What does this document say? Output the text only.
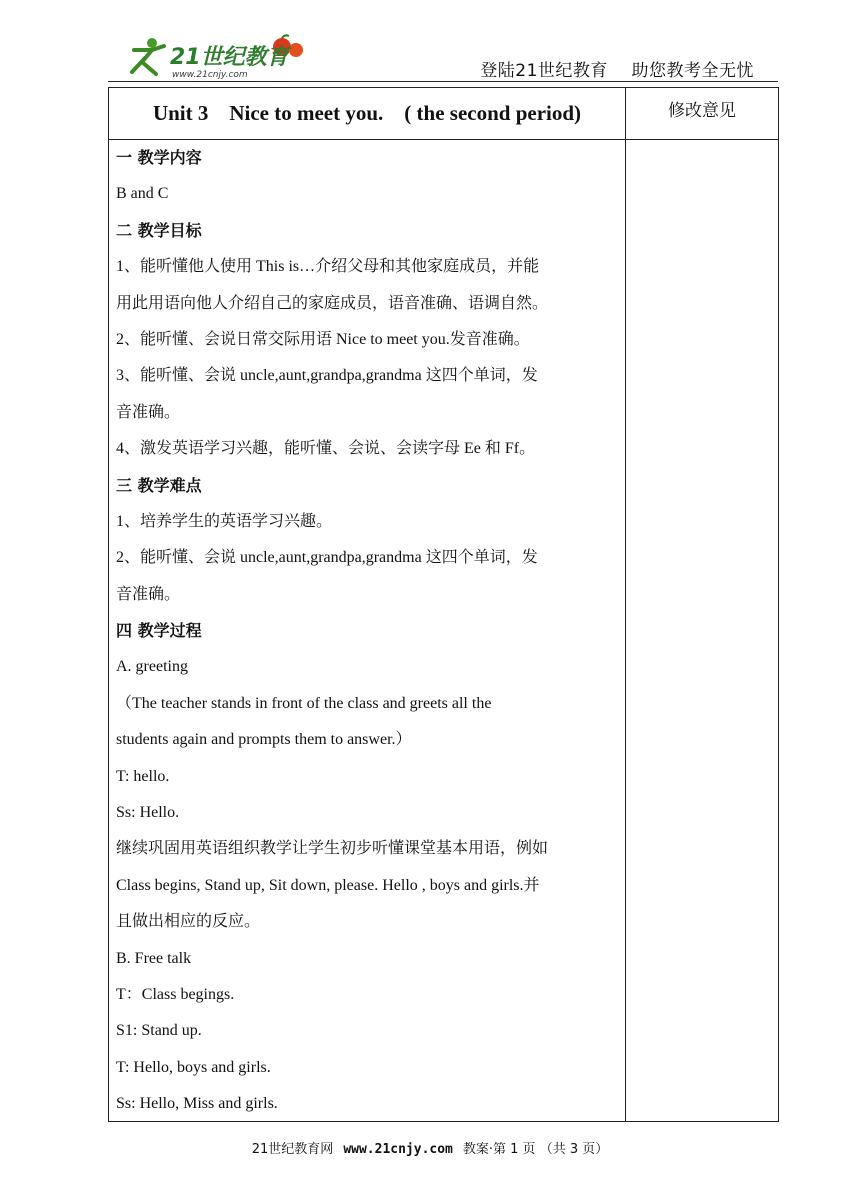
21世纪教育
www.21cnjy.com	登陆21世纪教育    助您教考全无忧
Unit 3    Nice to meet you.    ( the second period)	修改意见
一 教学内容
B and C
二 教学目标
1、能听懂他人使用 This is…介绍父母和其他家庭成员，并能
用此用语向他人介绍自己的家庭成员，语音准确、语调自然。
2、能听懂、会说日常交际用语 Nice to meet you.发音准确。
3、能听懂、会说 uncle,aunt,grandpa,grandma 这四个单词，发
音准确。
4、激发英语学习兴趣，能听懂、会说、会读字母 Ee 和 Ff。
三 教学难点
1、培养学生的英语学习兴趣。
2、能听懂、会说 uncle,aunt,grandpa,grandma 这四个单词，发
音准确。
四 教学过程
A. greeting
（The teacher stands in front of the class and greets all the
students again and prompts them to answer.）
T: hello.
Ss: Hello.
继续巩固用英语组织教学让学生初步听懂课堂基本用语，例如
Class begins, Stand up, Sit down, please. Hello , boys and girls.并
且做出相应的反应。
B. Free talk
T：Class begings.
S1: Stand up.
T: Hello, boys and girls.
Ss: Hello, Miss and girls.
21世纪教育网 www.21cnjy.com 教案·第 1 页 （共 3 页）
